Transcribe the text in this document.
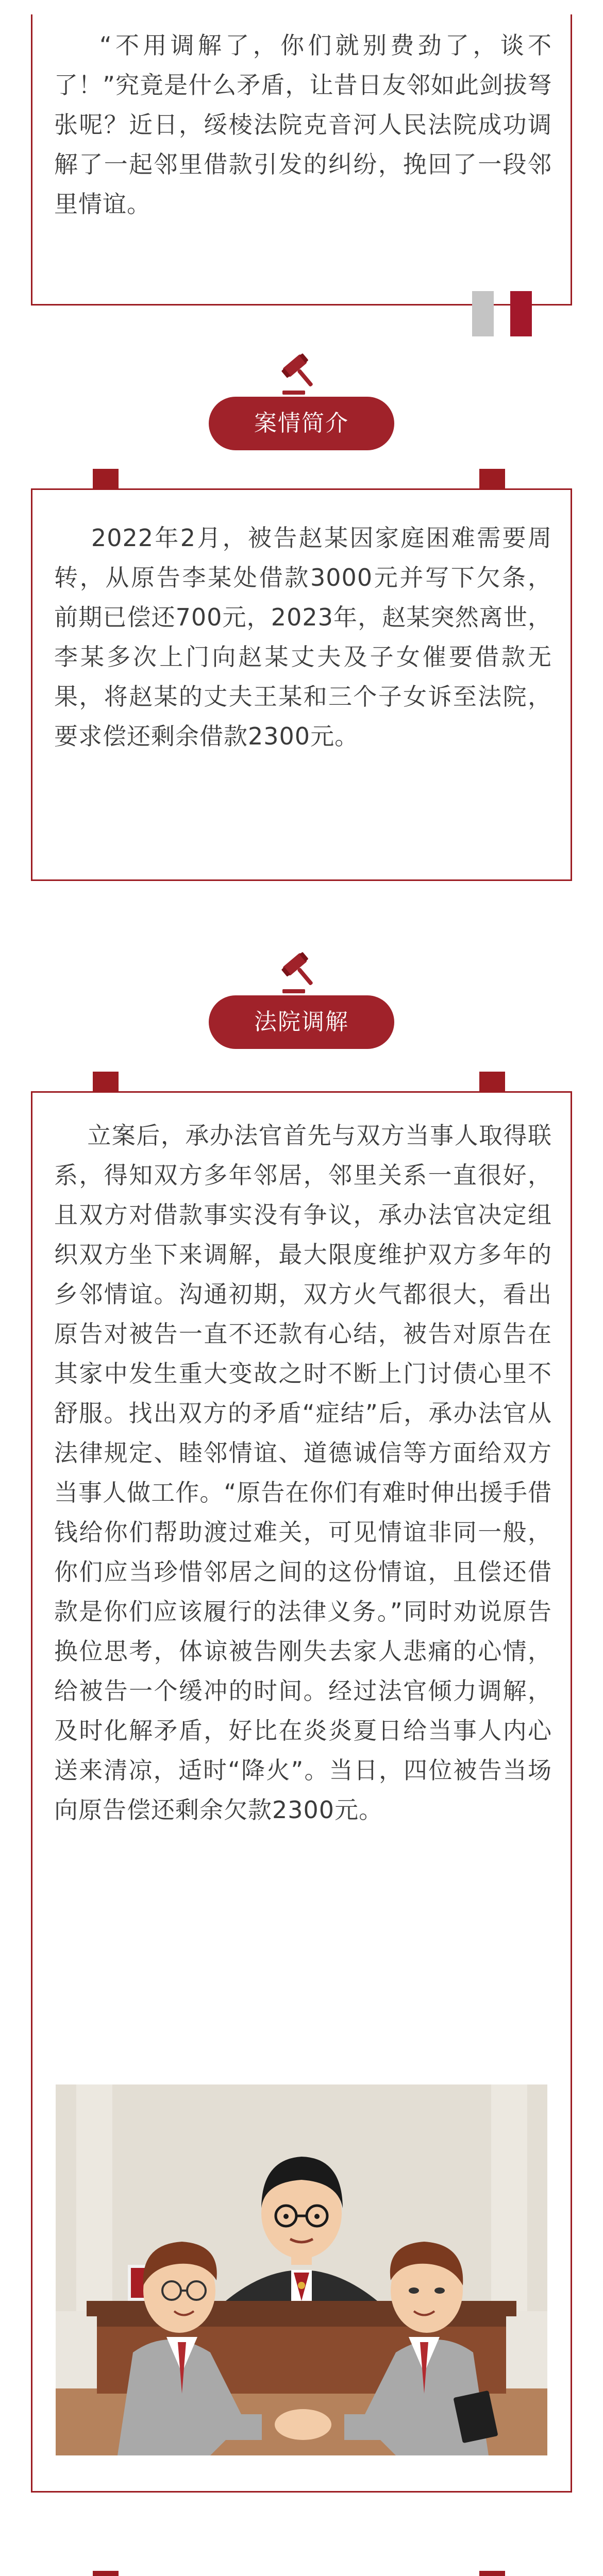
“不用调解了，你们就别费劲了，谈不了！”究竟是什么矛盾，让昔日友邻如此剑拔弩张呢？近日，绥棱法院克音河人民法院成功调解了一起邻里借款引发的纠纷，挽回了一段邻里情谊。

案情简介

2022年2月，被告赵某因家庭困难需要周转，从原告李某处借款3000元并写下欠条，前期已偿还700元，2023年，赵某突然离世，李某多次上门向赵某丈夫及子女催要借款无果，将赵某的丈夫王某和三个子女诉至法院，要求偿还剩余借款2300元。

法院调解

立案后，承办法官首先与双方当事人取得联系，得知双方多年邻居，邻里关系一直很好，且双方对借款事实没有争议，承办法官决定组织双方坐下来调解，最大限度维护双方多年的乡邻情谊。沟通初期，双方火气都很大，看出原告对被告一直不还款有心结，被告对原告在其家中发生重大变故之时不断上门讨债心里不舒服。找出双方的矛盾“症结”后，承办法官从法律规定、睦邻情谊、道德诚信等方面给双方当事人做工作。“原告在你们有难时伸出援手借钱给你们帮助渡过难关，可见情谊非同一般，你们应当珍惜邻居之间的这份情谊，且偿还借款是你们应该履行的法律义务。”同时劝说原告换位思考，体谅被告刚失去家人悲痛的心情，给被告一个缓冲的时间。经过法官倾力调解，及时化解矛盾，好比在炎炎夏日给当事人内心送来清凉，适时“降火”。当日，四位被告当场向原告偿还剩余欠款2300元。
